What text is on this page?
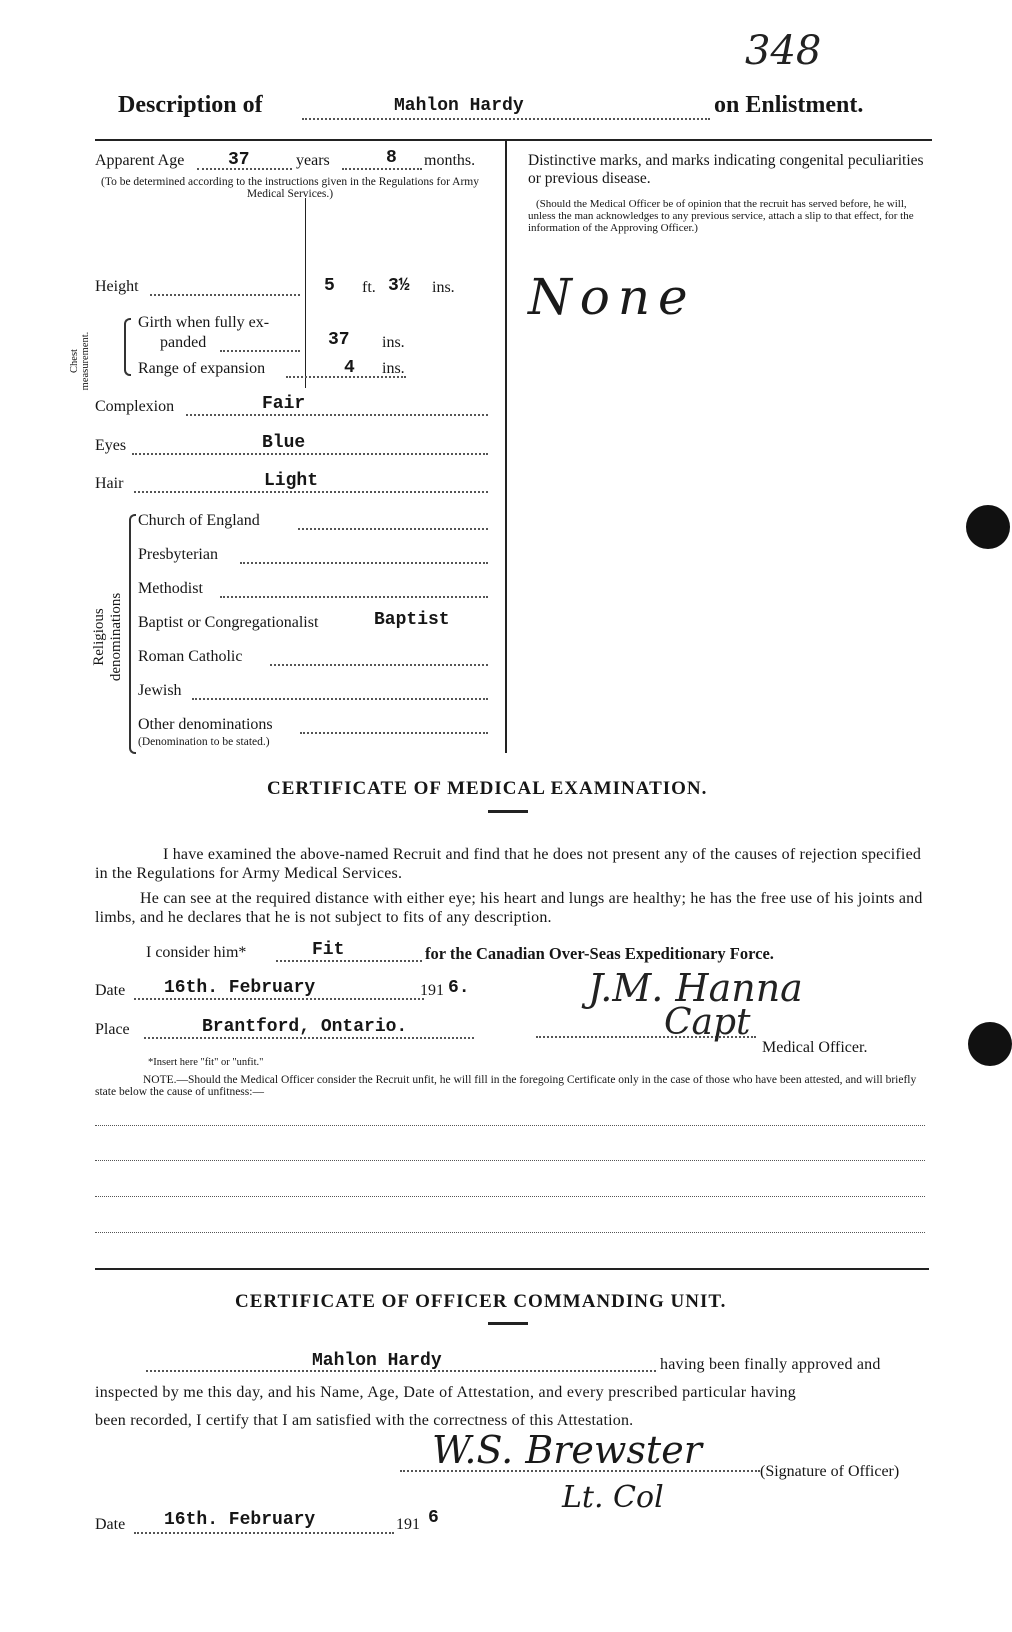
348
Description of	Mahlon Hardy	on Enlistment.
Apparent Age 37	years	8 months.
(To be determined according to the instructions given in the Regulations for Army Medical Services.)
Height	5 ft. 3½ ins.
Chest measurement.
Girth when fully ex-
panded	37 ins.
Range of expansion	4 ins.
Complexion	Fair
Eyes	Blue
Hair	Light
Religious denominations
Church of England
Presbyterian
Methodist
Baptist or Congregationalist	Baptist
Roman Catholic
Jewish
Other denominations
(Denomination to be stated.)
Distinctive marks, and marks indicating congenital peculiarities or previous disease.
(Should the Medical Officer be of opinion that the recruit has served before, he will, unless the man acknowledges to any previous service, attach a slip to that effect, for the information of the Approving Officer.)
None
CERTIFICATE OF MEDICAL EXAMINATION.
I have examined the above-named Recruit and find that he does not present any of the causes of rejection specified in the Regulations for Army Medical Services.
He can see at the required distance with either eye; his heart and lungs are healthy; he has the free use of his joints and limbs, and he declares that he is not subject to fits of any description.
I consider him*	Fit	for the Canadian Over-Seas Expeditionary Force.
Date 16th. February	191 6.
Place	Brantford, Ontario.
J.M. Hanna
Capt
Medical Officer.
*Insert here "fit" or "unfit."
NOTE.—Should the Medical Officer consider the Recruit unfit, he will fill in the foregoing Certificate only in the case of those who have been attested, and will briefly state below the cause of unfitness:—
CERTIFICATE OF OFFICER COMMANDING UNIT.
Mahlon Hardy	having been finally approved and
inspected by me this day, and his Name, Age, Date of Attestation, and every prescribed particular having
been recorded, I certify that I am satisfied with the correctness of this Attestation.
W.S. Brewster
Lt. Col
(Signature of Officer)
Date 16th. February	191 6
